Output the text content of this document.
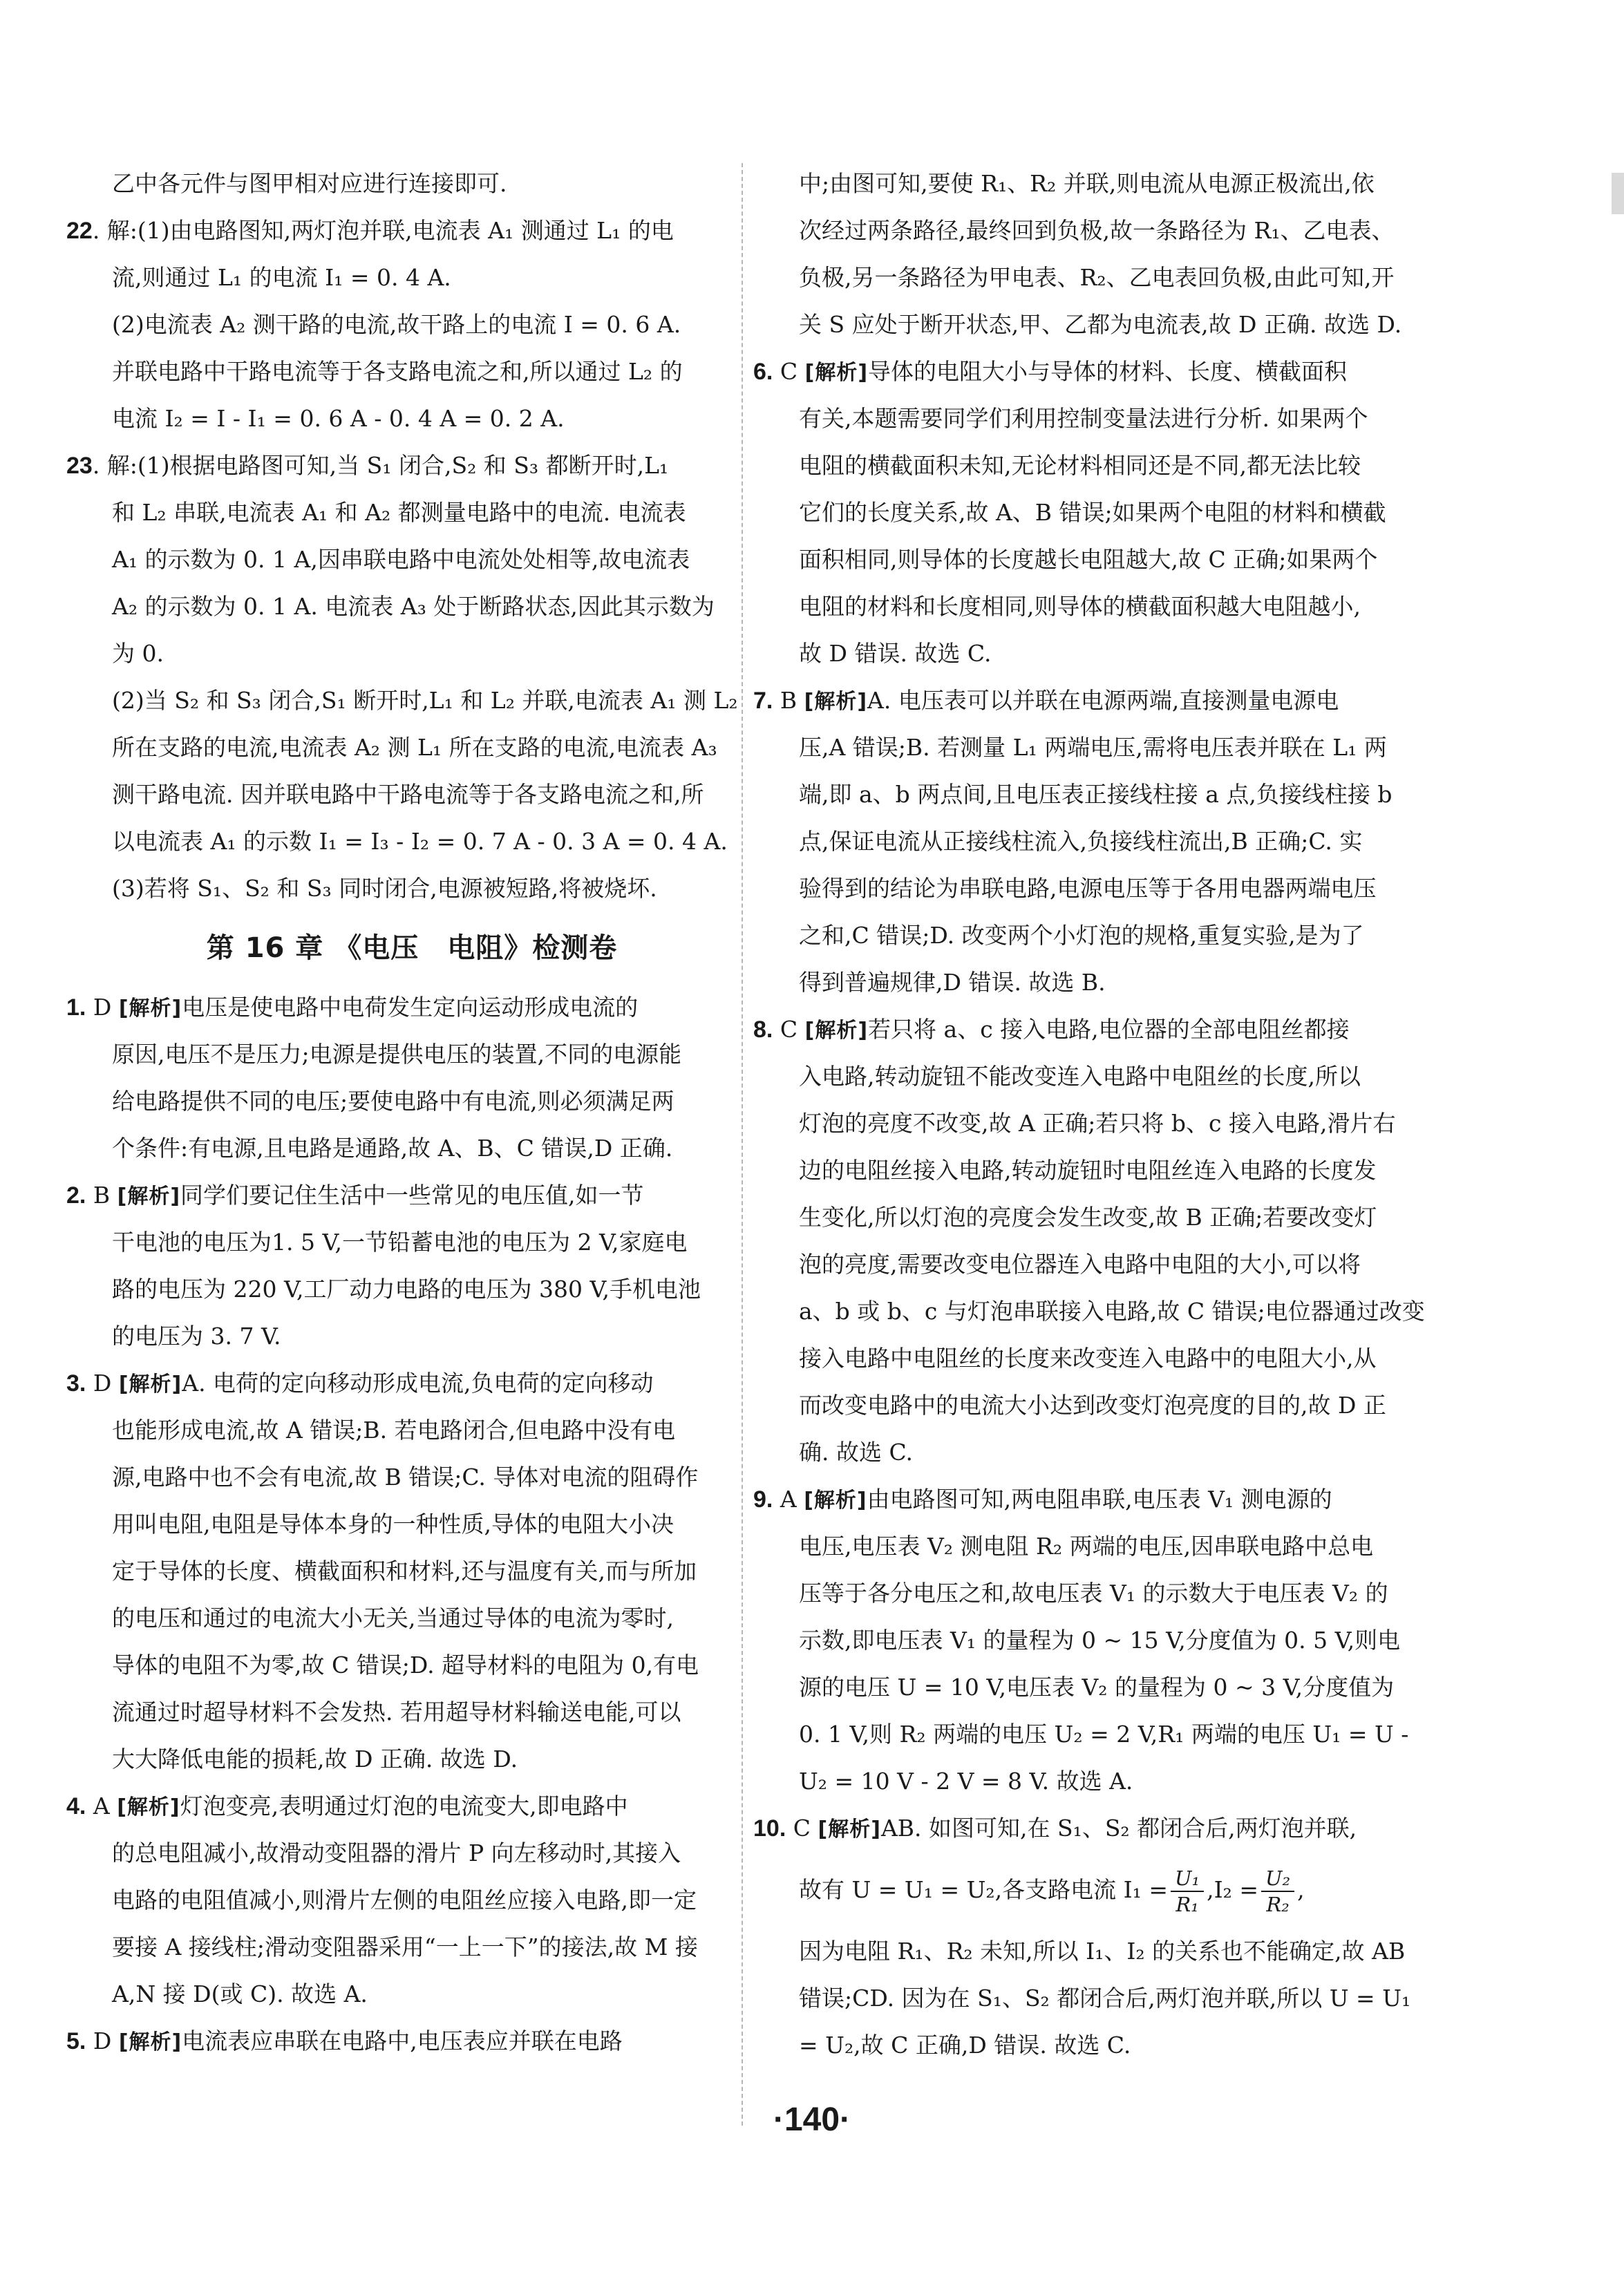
乙中各元件与图甲相对应进行连接即可.
22. 解:(1)由电路图知,两灯泡并联,电流表 A₁ 测通过 L₁ 的电
流,则通过 L₁ 的电流 I₁ = 0. 4 A.
(2)电流表 A₂ 测干路的电流,故干路上的电流 I = 0. 6 A.
并联电路中干路电流等于各支路电流之和,所以通过 L₂ 的
电流 I₂ = I - I₁ = 0. 6 A - 0. 4 A = 0. 2 A.
23. 解:(1)根据电路图可知,当 S₁ 闭合,S₂ 和 S₃ 都断开时,L₁
和 L₂ 串联,电流表 A₁ 和 A₂ 都测量电路中的电流. 电流表
A₁ 的示数为 0. 1 A,因串联电路中电流处处相等,故电流表
A₂ 的示数为 0. 1 A. 电流表 A₃ 处于断路状态,因此其示数为
为 0.
(2)当 S₂ 和 S₃ 闭合,S₁ 断开时,L₁ 和 L₂ 并联,电流表 A₁ 测 L₂
所在支路的电流,电流表 A₂ 测 L₁ 所在支路的电流,电流表 A₃
测干路电流. 因并联电路中干路电流等于各支路电流之和,所
以电流表 A₁ 的示数 I₁ = I₃ - I₂ = 0. 7 A - 0. 3 A = 0. 4 A.
(3)若将 S₁、S₂ 和 S₃ 同时闭合,电源被短路,将被烧坏.
第 16 章 《电压　电阻》检测卷
1. D [解析]电压是使电路中电荷发生定向运动形成电流的
原因,电压不是压力;电源是提供电压的装置,不同的电源能
给电路提供不同的电压;要使电路中有电流,则必须满足两
个条件:有电源,且电路是通路,故 A、B、C 错误,D 正确.
2. B [解析]同学们要记住生活中一些常见的电压值,如一节
干电池的电压为1. 5 V,一节铅蓄电池的电压为 2 V,家庭电
路的电压为 220 V,工厂动力电路的电压为 380 V,手机电池
的电压为 3. 7 V.
3. D [解析]A. 电荷的定向移动形成电流,负电荷的定向移动
也能形成电流,故 A 错误;B. 若电路闭合,但电路中没有电
源,电路中也不会有电流,故 B 错误;C. 导体对电流的阻碍作
用叫电阻,电阻是导体本身的一种性质,导体的电阻大小决
定于导体的长度、横截面积和材料,还与温度有关,而与所加
的电压和通过的电流大小无关,当通过导体的电流为零时,
导体的电阻不为零,故 C 错误;D. 超导材料的电阻为 0,有电
流通过时超导材料不会发热. 若用超导材料输送电能,可以
大大降低电能的损耗,故 D 正确. 故选 D.
4. A [解析]灯泡变亮,表明通过灯泡的电流变大,即电路中
的总电阻减小,故滑动变阻器的滑片 P 向左移动时,其接入
电路的电阻值减小,则滑片左侧的电阻丝应接入电路,即一定
要接 A 接线柱;滑动变阻器采用“一上一下”的接法,故 M 接
A,N 接 D(或 C). 故选 A.
5. D [解析]电流表应串联在电路中,电压表应并联在电路
中;由图可知,要使 R₁、R₂ 并联,则电流从电源正极流出,依
次经过两条路径,最终回到负极,故一条路径为 R₁、乙电表、
负极,另一条路径为甲电表、R₂、乙电表回负极,由此可知,开
关 S 应处于断开状态,甲、乙都为电流表,故 D 正确. 故选 D.
6. C [解析]导体的电阻大小与导体的材料、长度、横截面积
有关,本题需要同学们利用控制变量法进行分析. 如果两个
电阻的横截面积未知,无论材料相同还是不同,都无法比较
它们的长度关系,故 A、B 错误;如果两个电阻的材料和横截
面积相同,则导体的长度越长电阻越大,故 C 正确;如果两个
电阻的材料和长度相同,则导体的横截面积越大电阻越小,
故 D 错误. 故选 C.
7. B [解析]A. 电压表可以并联在电源两端,直接测量电源电
压,A 错误;B. 若测量 L₁ 两端电压,需将电压表并联在 L₁ 两
端,即 a、b 两点间,且电压表正接线柱接 a 点,负接线柱接 b
点,保证电流从正接线柱流入,负接线柱流出,B 正确;C. 实
验得到的结论为串联电路,电源电压等于各用电器两端电压
之和,C 错误;D. 改变两个小灯泡的规格,重复实验,是为了
得到普遍规律,D 错误. 故选 B.
8. C [解析]若只将 a、c 接入电路,电位器的全部电阻丝都接
入电路,转动旋钮不能改变连入电路中电阻丝的长度,所以
灯泡的亮度不改变,故 A 正确;若只将 b、c 接入电路,滑片右
边的电阻丝接入电路,转动旋钮时电阻丝连入电路的长度发
生变化,所以灯泡的亮度会发生改变,故 B 正确;若要改变灯
泡的亮度,需要改变电位器连入电路中电阻的大小,可以将
a、b 或 b、c 与灯泡串联接入电路,故 C 错误;电位器通过改变
接入电路中电阻丝的长度来改变连入电路中的电阻大小,从
而改变电路中的电流大小达到改变灯泡亮度的目的,故 D 正
确. 故选 C.
9. A [解析]由电路图可知,两电阻串联,电压表 V₁ 测电源的
电压,电压表 V₂ 测电阻 R₂ 两端的电压,因串联电路中总电
压等于各分电压之和,故电压表 V₁ 的示数大于电压表 V₂ 的
示数,即电压表 V₁ 的量程为 0 ~ 15 V,分度值为 0. 5 V,则电
源的电压 U = 10 V,电压表 V₂ 的量程为 0 ~ 3 V,分度值为
0. 1 V,则 R₂ 两端的电压 U₂ = 2 V,R₁ 两端的电压 U₁ = U -
U₂ = 10 V - 2 V = 8 V. 故选 A.
10. C [解析]AB. 如图可知,在 S₁、S₂ 都闭合后,两灯泡并联,
故有 U = U₁ = U₂,各支路电流 $I_1 = \frac{\text{U₁}}{\text{R₁}} ,I_2 = \frac{\text{U₂}}{\text{R₂}}$ ,
因为电阻 R₁、R₂ 未知,所以 I₁、I₂ 的关系也不能确定,故 AB
错误;CD. 因为在 S₁、S₂ 都闭合后,两灯泡并联,所以 U = U₁
= U₂,故 C 正确,D 错误. 故选 C.
·140·
